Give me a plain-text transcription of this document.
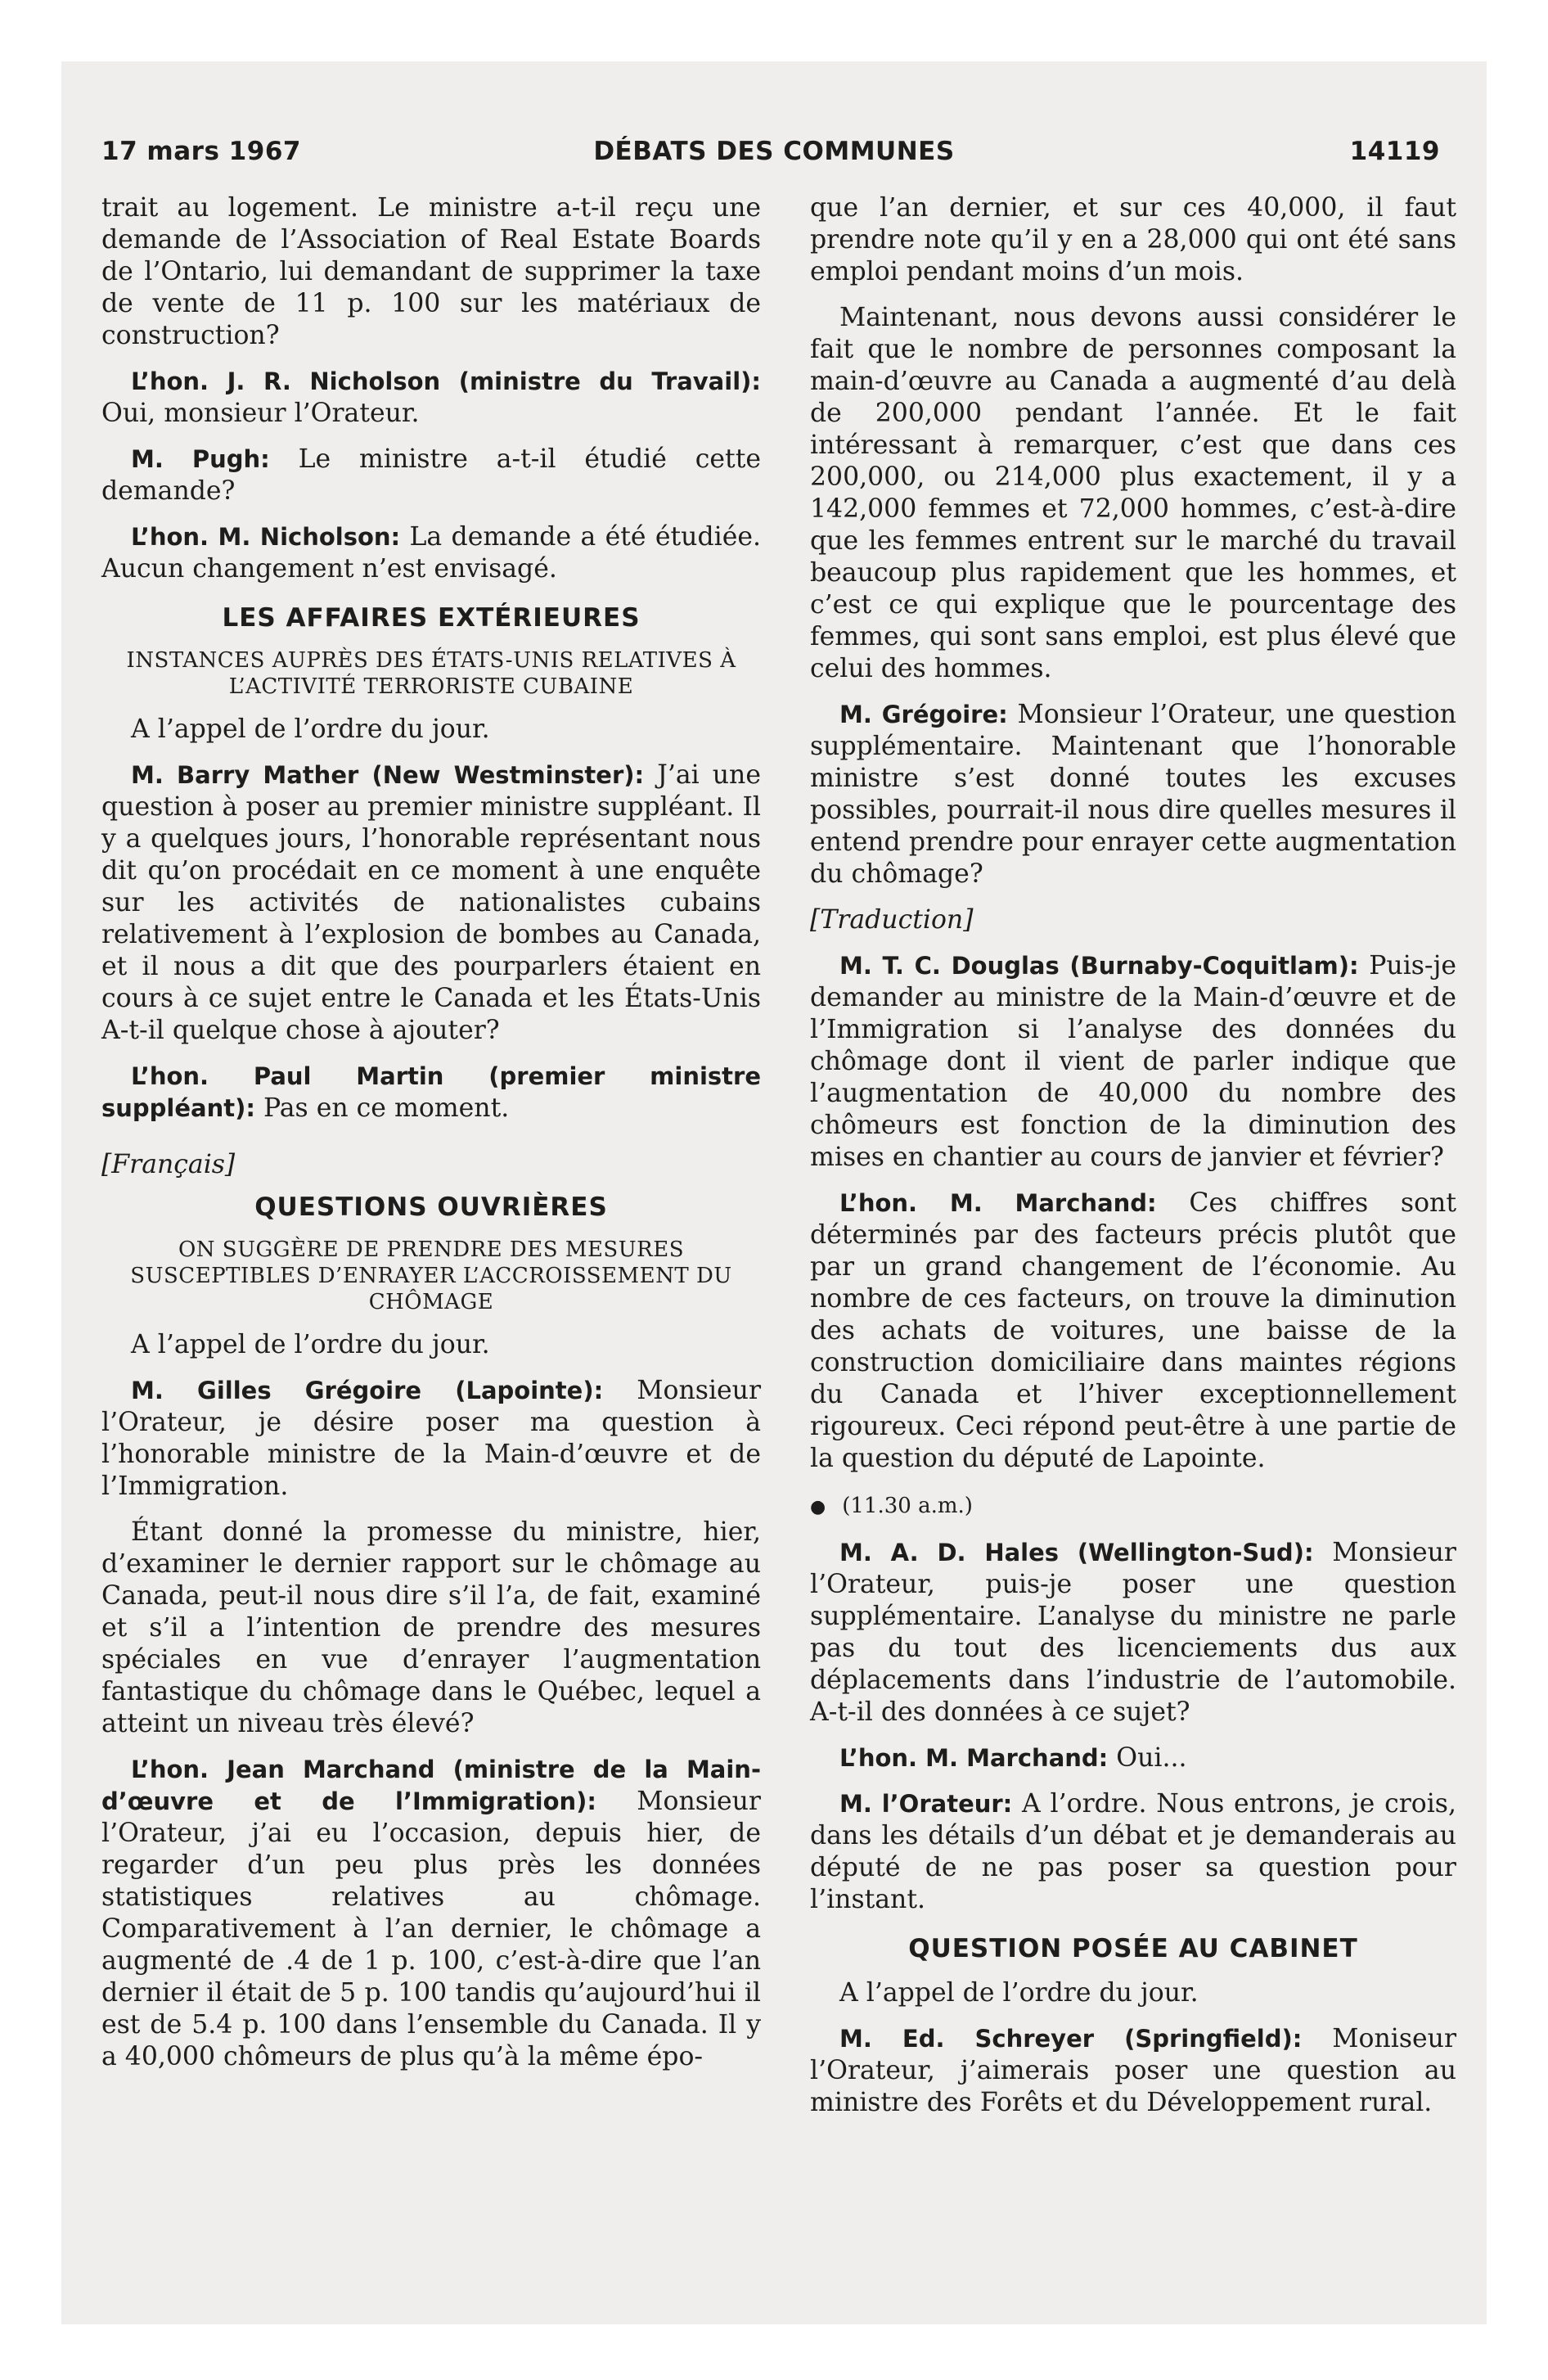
17 mars 1967	DÉBATS DES COMMUNES	14119

trait au logement. Le ministre a-t-il reçu une demande de l’Association of Real Estate Boards de l’Ontario, lui demandant de supprimer la taxe de vente de 11 p. 100 sur les matériaux de construction?

L’hon. J. R. Nicholson (ministre du Travail): Oui, monsieur l’Orateur.

M. Pugh: Le ministre a-t-il étudié cette demande?

L’hon. M. Nicholson: La demande a été étudiée. Aucun changement n’est envisagé.

LES AFFAIRES EXTÉRIEURES
INSTANCES AUPRÈS DES ÉTATS-UNIS RELATIVES À L’ACTIVITÉ TERRORISTE CUBAINE

A l’appel de l’ordre du jour.

M. Barry Mather (New Westminster): J’ai une question à poser au premier ministre suppléant. Il y a quelques jours, l’honorable représentant nous dit qu’on procédait en ce moment à une enquête sur les activités de nationalistes cubains relativement à l’explosion de bombes au Canada, et il nous a dit que des pourparlers étaient en cours à ce sujet entre le Canada et les États-Unis A-t-il quelque chose à ajouter?

L’hon. Paul Martin (premier ministre suppléant): Pas en ce moment.

[Français]

QUESTIONS OUVRIÈRES
ON SUGGÈRE DE PRENDRE DES MESURES SUSCEPTIBLES D’ENRAYER L’ACCROISSEMENT DU CHÔMAGE

A l’appel de l’ordre du jour.

M. Gilles Grégoire (Lapointe): Monsieur l’Orateur, je désire poser ma question à l’honorable ministre de la Main-d’œuvre et de l’Immigration.

Étant donné la promesse du ministre, hier, d’examiner le dernier rapport sur le chômage au Canada, peut-il nous dire s’il l’a, de fait, examiné et s’il a l’intention de prendre des mesures spéciales en vue d’enrayer l’augmentation fantastique du chômage dans le Québec, lequel a atteint un niveau très élevé?

L’hon. Jean Marchand (ministre de la Main-d’œuvre et de l’Immigration): Monsieur l’Orateur, j’ai eu l’occasion, depuis hier, de regarder d’un peu plus près les données statistiques relatives au chômage. Comparativement à l’an dernier, le chômage a augmenté de .4 de 1 p. 100, c’est-à-dire que l’an dernier il était de 5 p. 100 tandis qu’aujourd’hui il est de 5.4 p. 100 dans l’ensemble du Canada. Il y a 40,000 chômeurs de plus qu’à la même épo-

que l’an dernier, et sur ces 40,000, il faut prendre note qu’il y en a 28,000 qui ont été sans emploi pendant moins d’un mois.

Maintenant, nous devons aussi considérer le fait que le nombre de personnes composant la main-d’œuvre au Canada a augmenté d’au delà de 200,000 pendant l’année. Et le fait intéressant à remarquer, c’est que dans ces 200,000, ou 214,000 plus exactement, il y a 142,000 femmes et 72,000 hommes, c’est-à-dire que les femmes entrent sur le marché du travail beaucoup plus rapidement que les hommes, et c’est ce qui explique que le pourcentage des femmes, qui sont sans emploi, est plus élevé que celui des hommes.

M. Grégoire: Monsieur l’Orateur, une question supplémentaire. Maintenant que l’honorable ministre s’est donné toutes les excuses possibles, pourrait-il nous dire quelles mesures il entend prendre pour enrayer cette augmentation du chômage?

[Traduction]

M. T. C. Douglas (Burnaby-Coquitlam): Puis-je demander au ministre de la Main-d’œuvre et de l’Immigration si l’analyse des données du chômage dont il vient de parler indique que l’augmentation de 40,000 du nombre des chômeurs est fonction de la diminution des mises en chantier au cours de janvier et février?

L’hon. M. Marchand: Ces chiffres sont déterminés par des facteurs précis plutôt que par un grand changement de l’économie. Au nombre de ces facteurs, on trouve la diminution des achats de voitures, une baisse de la construction domiciliaire dans maintes régions du Canada et l’hiver exceptionnellement rigoureux. Ceci répond peut-être à une partie de la question du député de Lapointe.

● (11.30 a.m.)

M. A. D. Hales (Wellington-Sud): Monsieur l’Orateur, puis-je poser une question supplémentaire. L’analyse du ministre ne parle pas du tout des licenciements dus aux déplacements dans l’industrie de l’automobile. A-t-il des données à ce sujet?

L’hon. M. Marchand: Oui...

M. l’Orateur: A l’ordre. Nous entrons, je crois, dans les détails d’un débat et je demanderais au député de ne pas poser sa question pour l’instant.

QUESTION POSÉE AU CABINET

A l’appel de l’ordre du jour.

M. Ed. Schreyer (Springfield): Moniseur l’Orateur, j’aimerais poser une question au ministre des Forêts et du Développement rural.
